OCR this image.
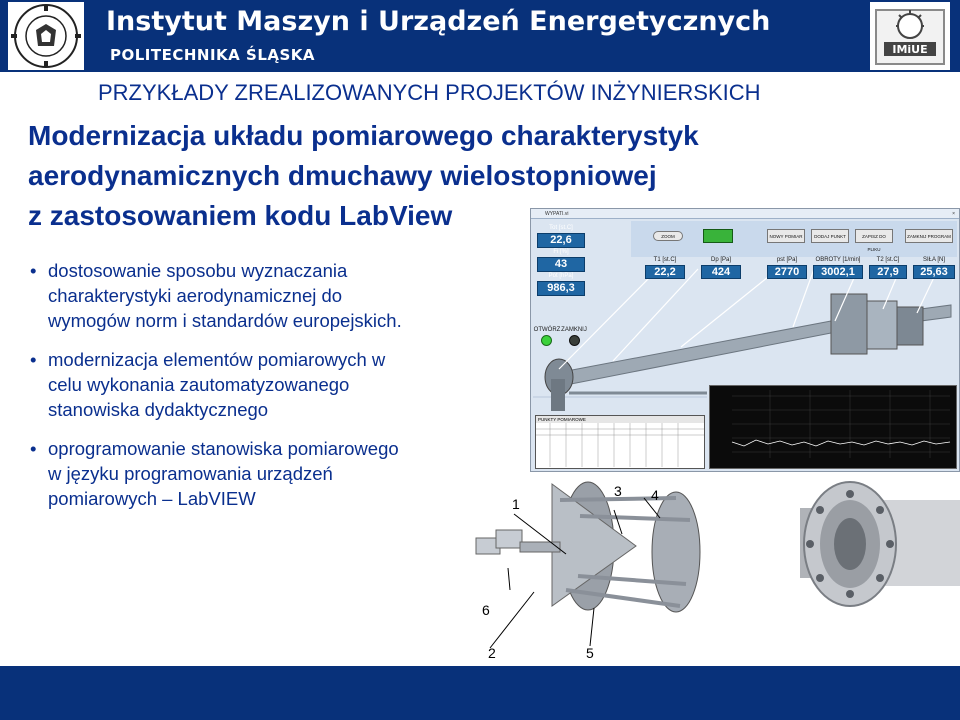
Instytut Maszyn i Urządzeń Energetycznych
POLITECHNIKA ŚLĄSKA	IMiUE
PRZYKŁADY ZREALIZOWANYCH PROJEKTÓW INŻYNIERSKICH
Modernizacja układu pomiarowego charakterystyk
aerodynamicznych dmuchawy wielostopniowej
z zastosowaniem kodu LabView
• dostosowanie sposobu wyznaczania
charakterystyki aerodynamicznej do
wymogów norm i standardów europejskich.
• modernizacja elementów pomiarowych w
celu wykonania zautomatyzowanego
stanowiska dydaktycznego
• oprogramowanie stanowiska pomiarowego
w języku programowania urządzeń
pomiarowych – LabVIEW
WYPATI.vi	×
Tot [st.C]
22,6
Fi [%]
43
Pot [hPa]
986,3
ZOOM	NOWY POMIAR	DODAJ PUNKT	ZAPISZ DO PLIKU
ZAMKNIJ PROGRAM
T1 [st.C]
22,2
Dp [Pa]
424
pst [Pa]
2770
OBROTY [1/min]
3002,1
T2 [st.C]
27,9
SIŁA [N]
25,63
OTWÓRZ ZAMKNIJ
PUNKTY POMIAROWE
1
2
3 4
5
6
